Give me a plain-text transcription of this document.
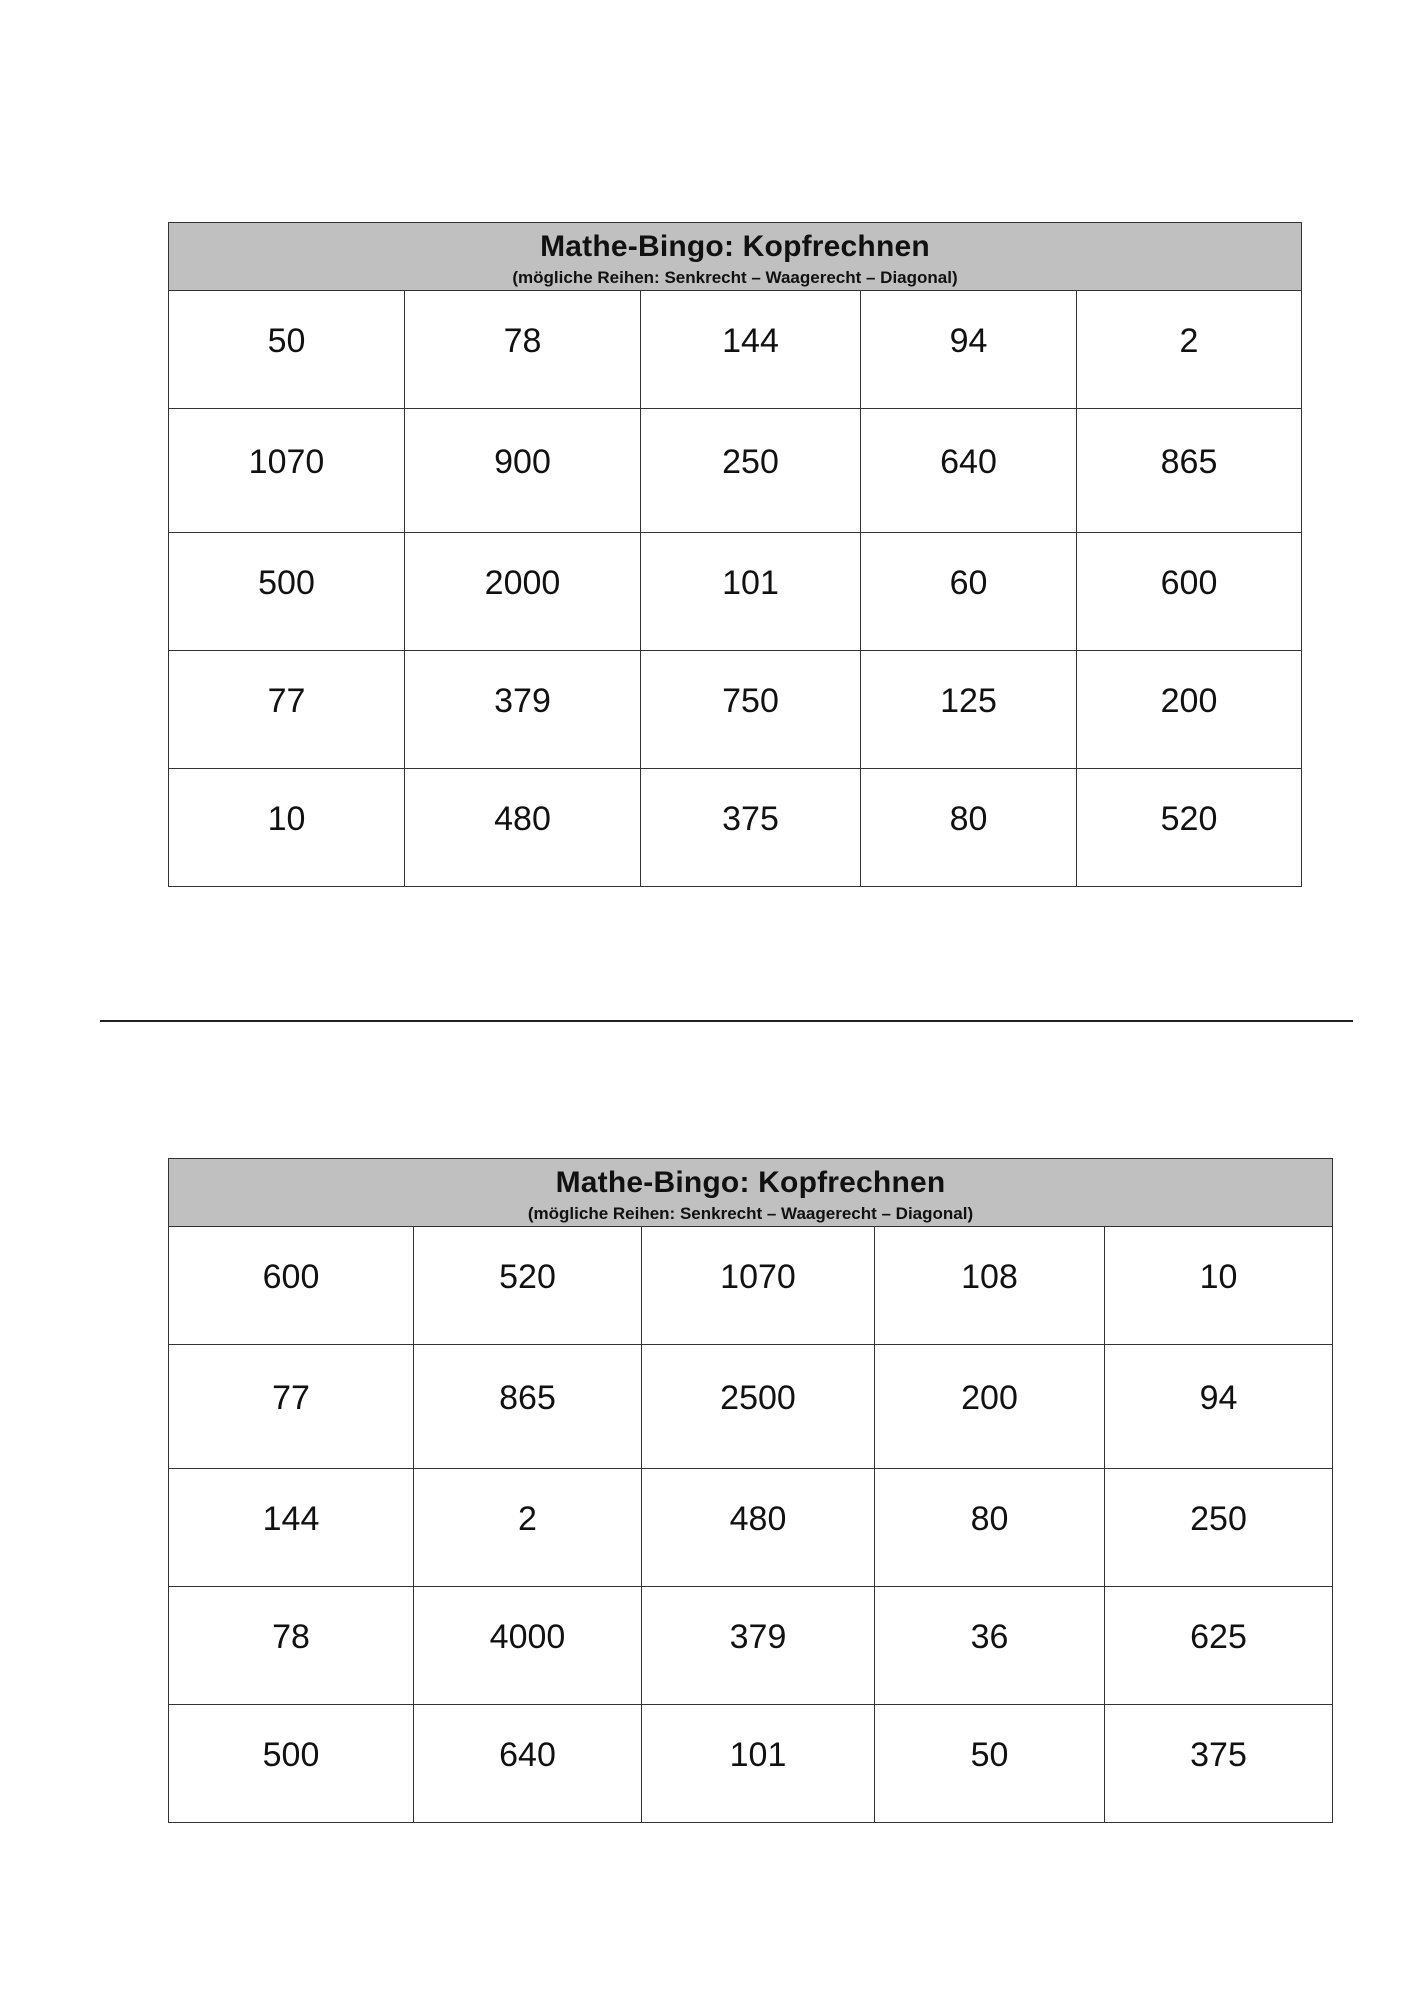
Mathe-Bingo: Kopfrechnen
(mögliche Reihen: Senkrecht – Waagerecht – Diagonal)				

50	78	144	94	2
1070	900	250	640	865
500	2000	101	60	600
77	379	750	125	200
10	480	375	80	520
Mathe-Bingo: Kopfrechnen
(mögliche Reihen: Senkrecht – Waagerecht – Diagonal)				

600	520	1070	108	10
77	865	2500	200	94
144	2	480	80	250
78	4000	379	36	625
500	640	101	50	375
